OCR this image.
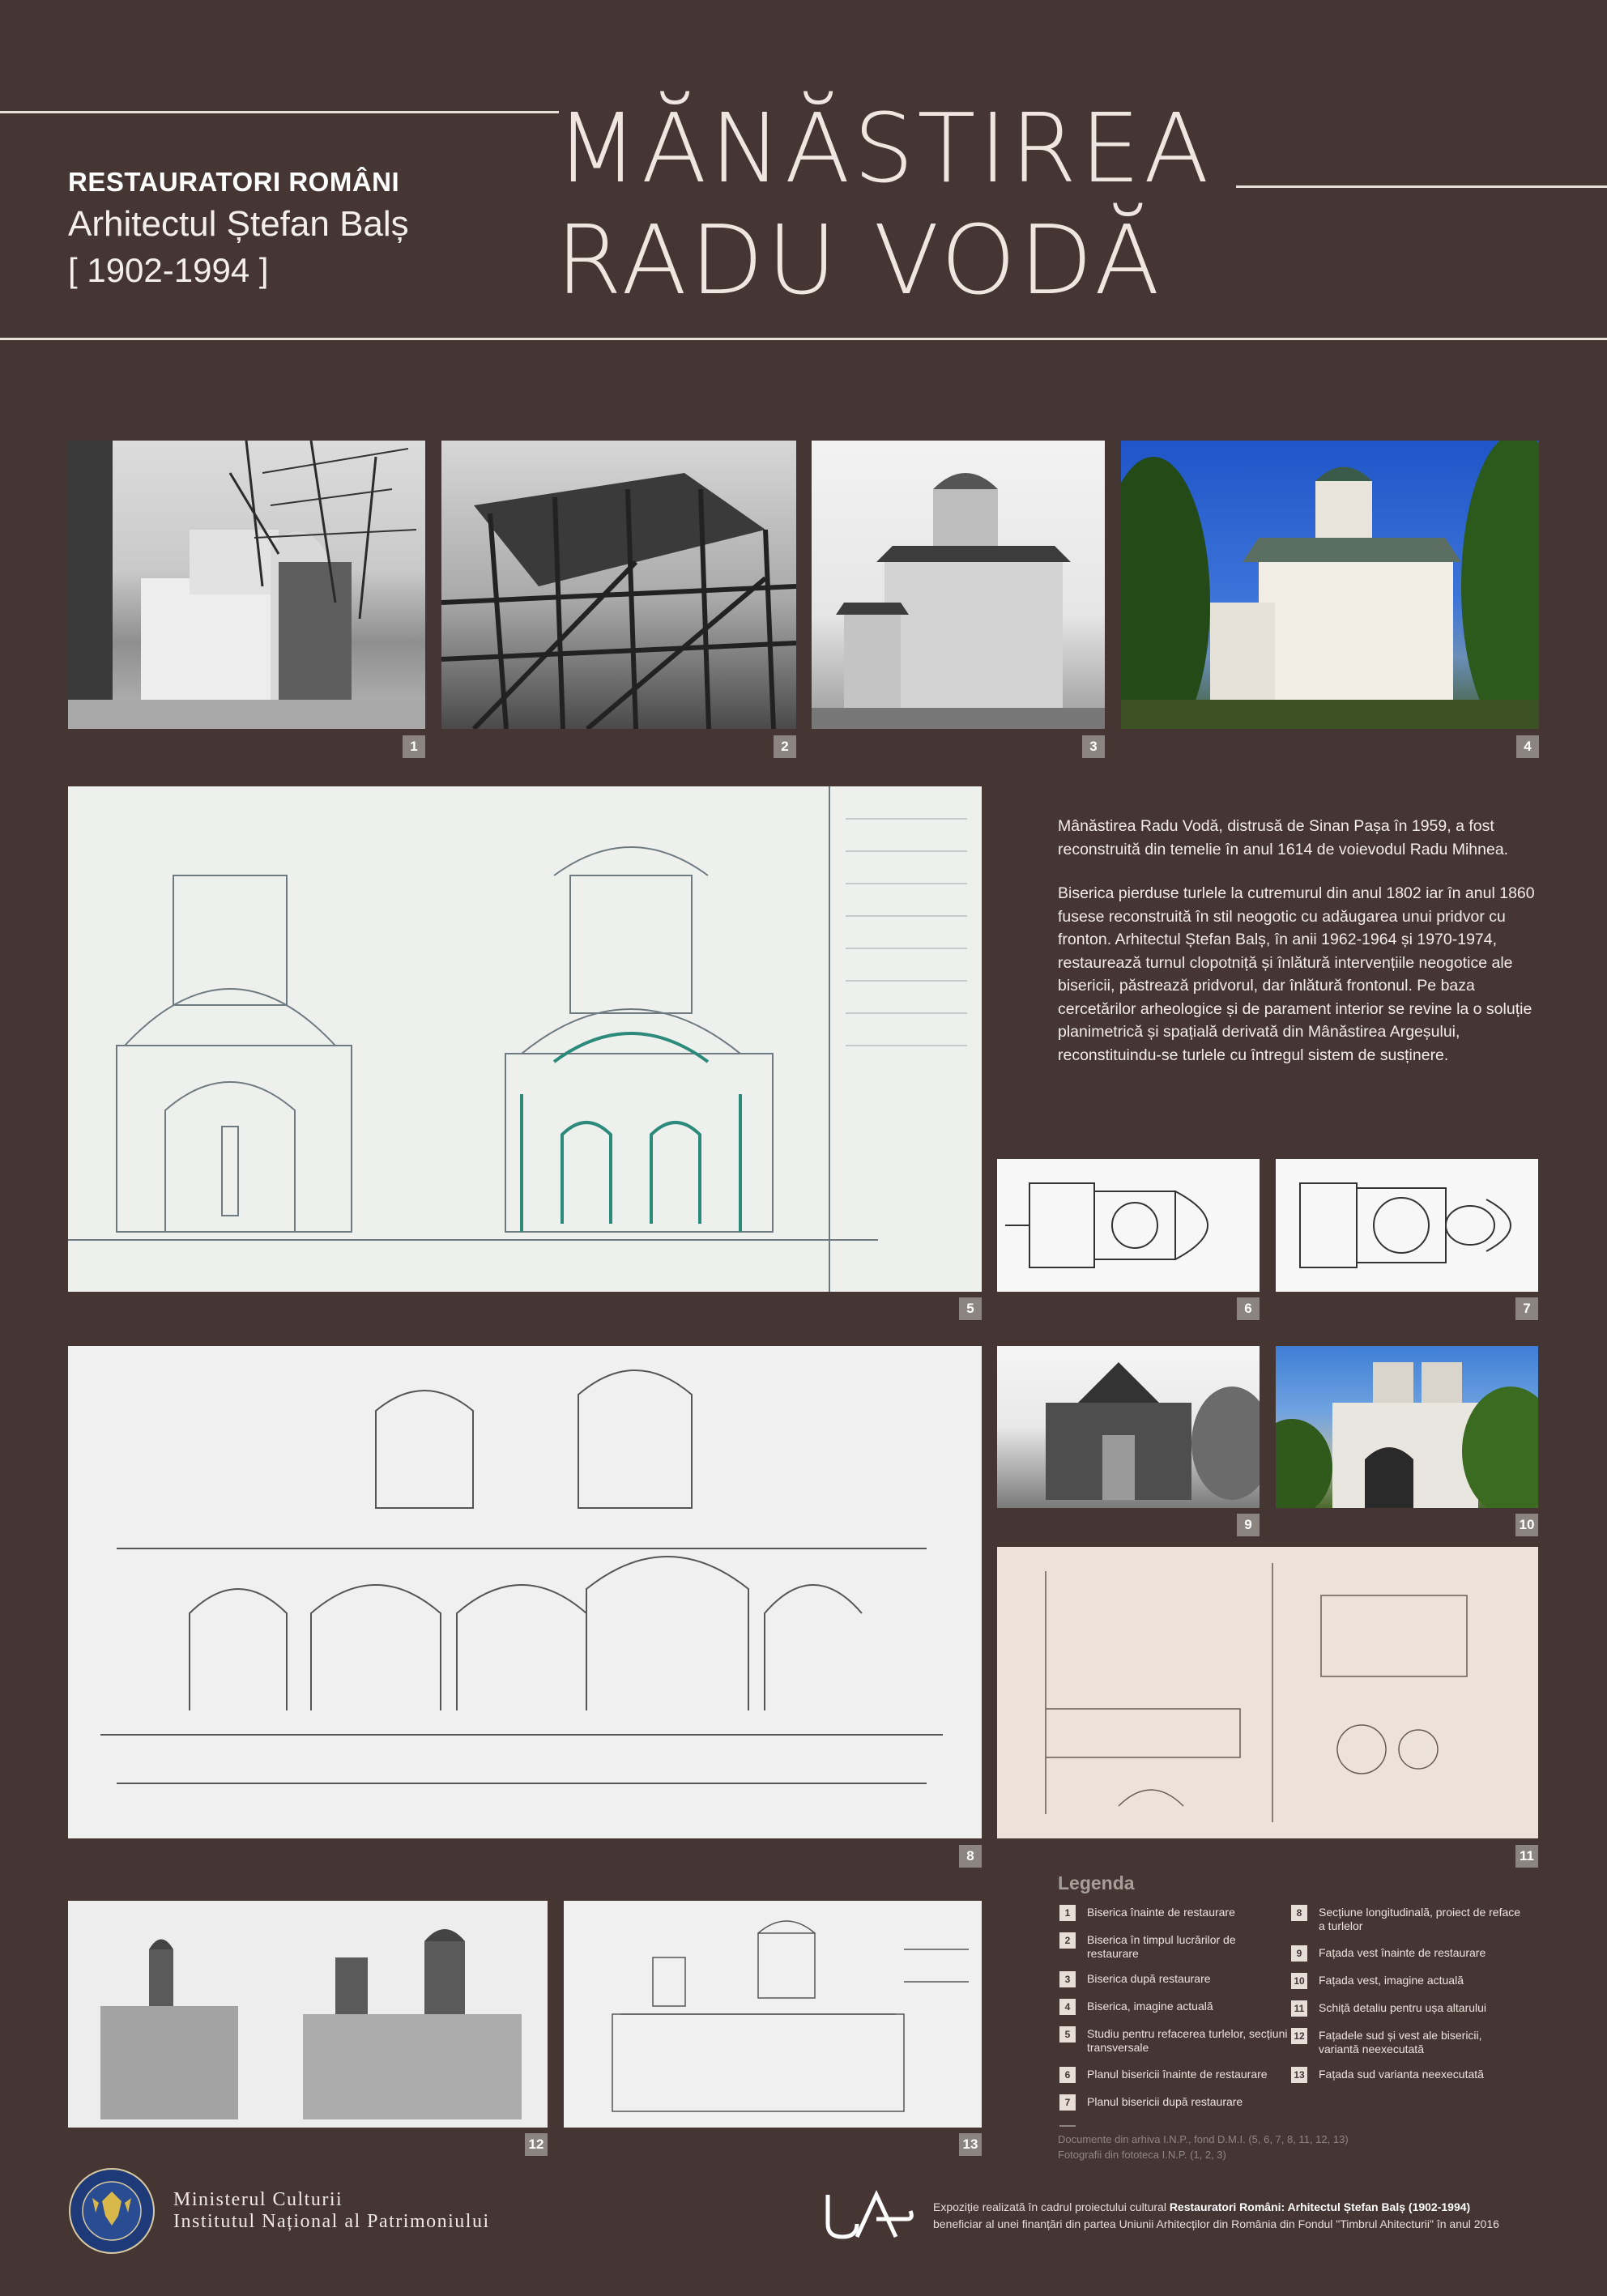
RESTAURATORI ROMÂNI
Arhitectul Ștefan Balș
[ 1902-1994 ]
MĂNĂSTIREA
RADU VODĂ
1	2	3	4
5

Mânăstirea Radu Vodă, distrusă de Sinan Pașa în 1959, a fost reconstruită din temelie în anul 1614 de voievodul Radu Mihnea.

Biserica pierduse turlele la cutremurul din anul 1802 iar în anul 1860 fusese reconstruită în stil neogotic cu adăugarea unui pridvor cu fronton. Arhitectul Ștefan Balș, în anii 1962-1964 și 1970-1974, restaurează turnul clopotniță și înlătură intervențiile neogotice ale bisericii, păstrează pridvorul, dar înlătură frontonul. Pe baza cercetărilor arheologice și de parament interior se revine la o soluție planimetrică și spațială derivată din Mânăstirea Argeșului, reconstituindu-se turlele cu întregul sistem de susținere.

6	7
8
9	10
11
12	13
Legenda
1	Biserica înainte de restaurare
2	Biserica în timpul lucrărilor de restaurare
3	Biserica după restaurare
4	Biserica, imagine actuală
5	Studiu pentru refacerea turlelor, secțiuni transversale
6	Planul bisericii înainte de restaurare
7	Planul bisericii după restaurare
8	Secțiune longitudinală, proiect de reface a turlelor
9	Fațada vest înainte de restaurare
10 Fațada vest, imagine actuală
11 Schiță detaliu pentru ușa altarului
12 Fațadele sud și vest ale bisericii, variantă neexecutată
13 Fațada sud varianta neexecutată
Documente din arhiva I.N.P., fond D.M.I. (5, 6, 7, 8, 11, 12, 13)
Fotografii din fototeca I.N.P. (1, 2, 3)
Ministerul Culturii
Institutul Național al Patrimoniului
Expoziție realizată în cadrul proiectului cultural Restauratori Români: Arhitectul Ștefan Balș (1902-1994)
beneficiar al unei finanțări din partea Uniunii Arhitecților din România din Fondul "Timbrul Ahitecturii" în anul 2016
